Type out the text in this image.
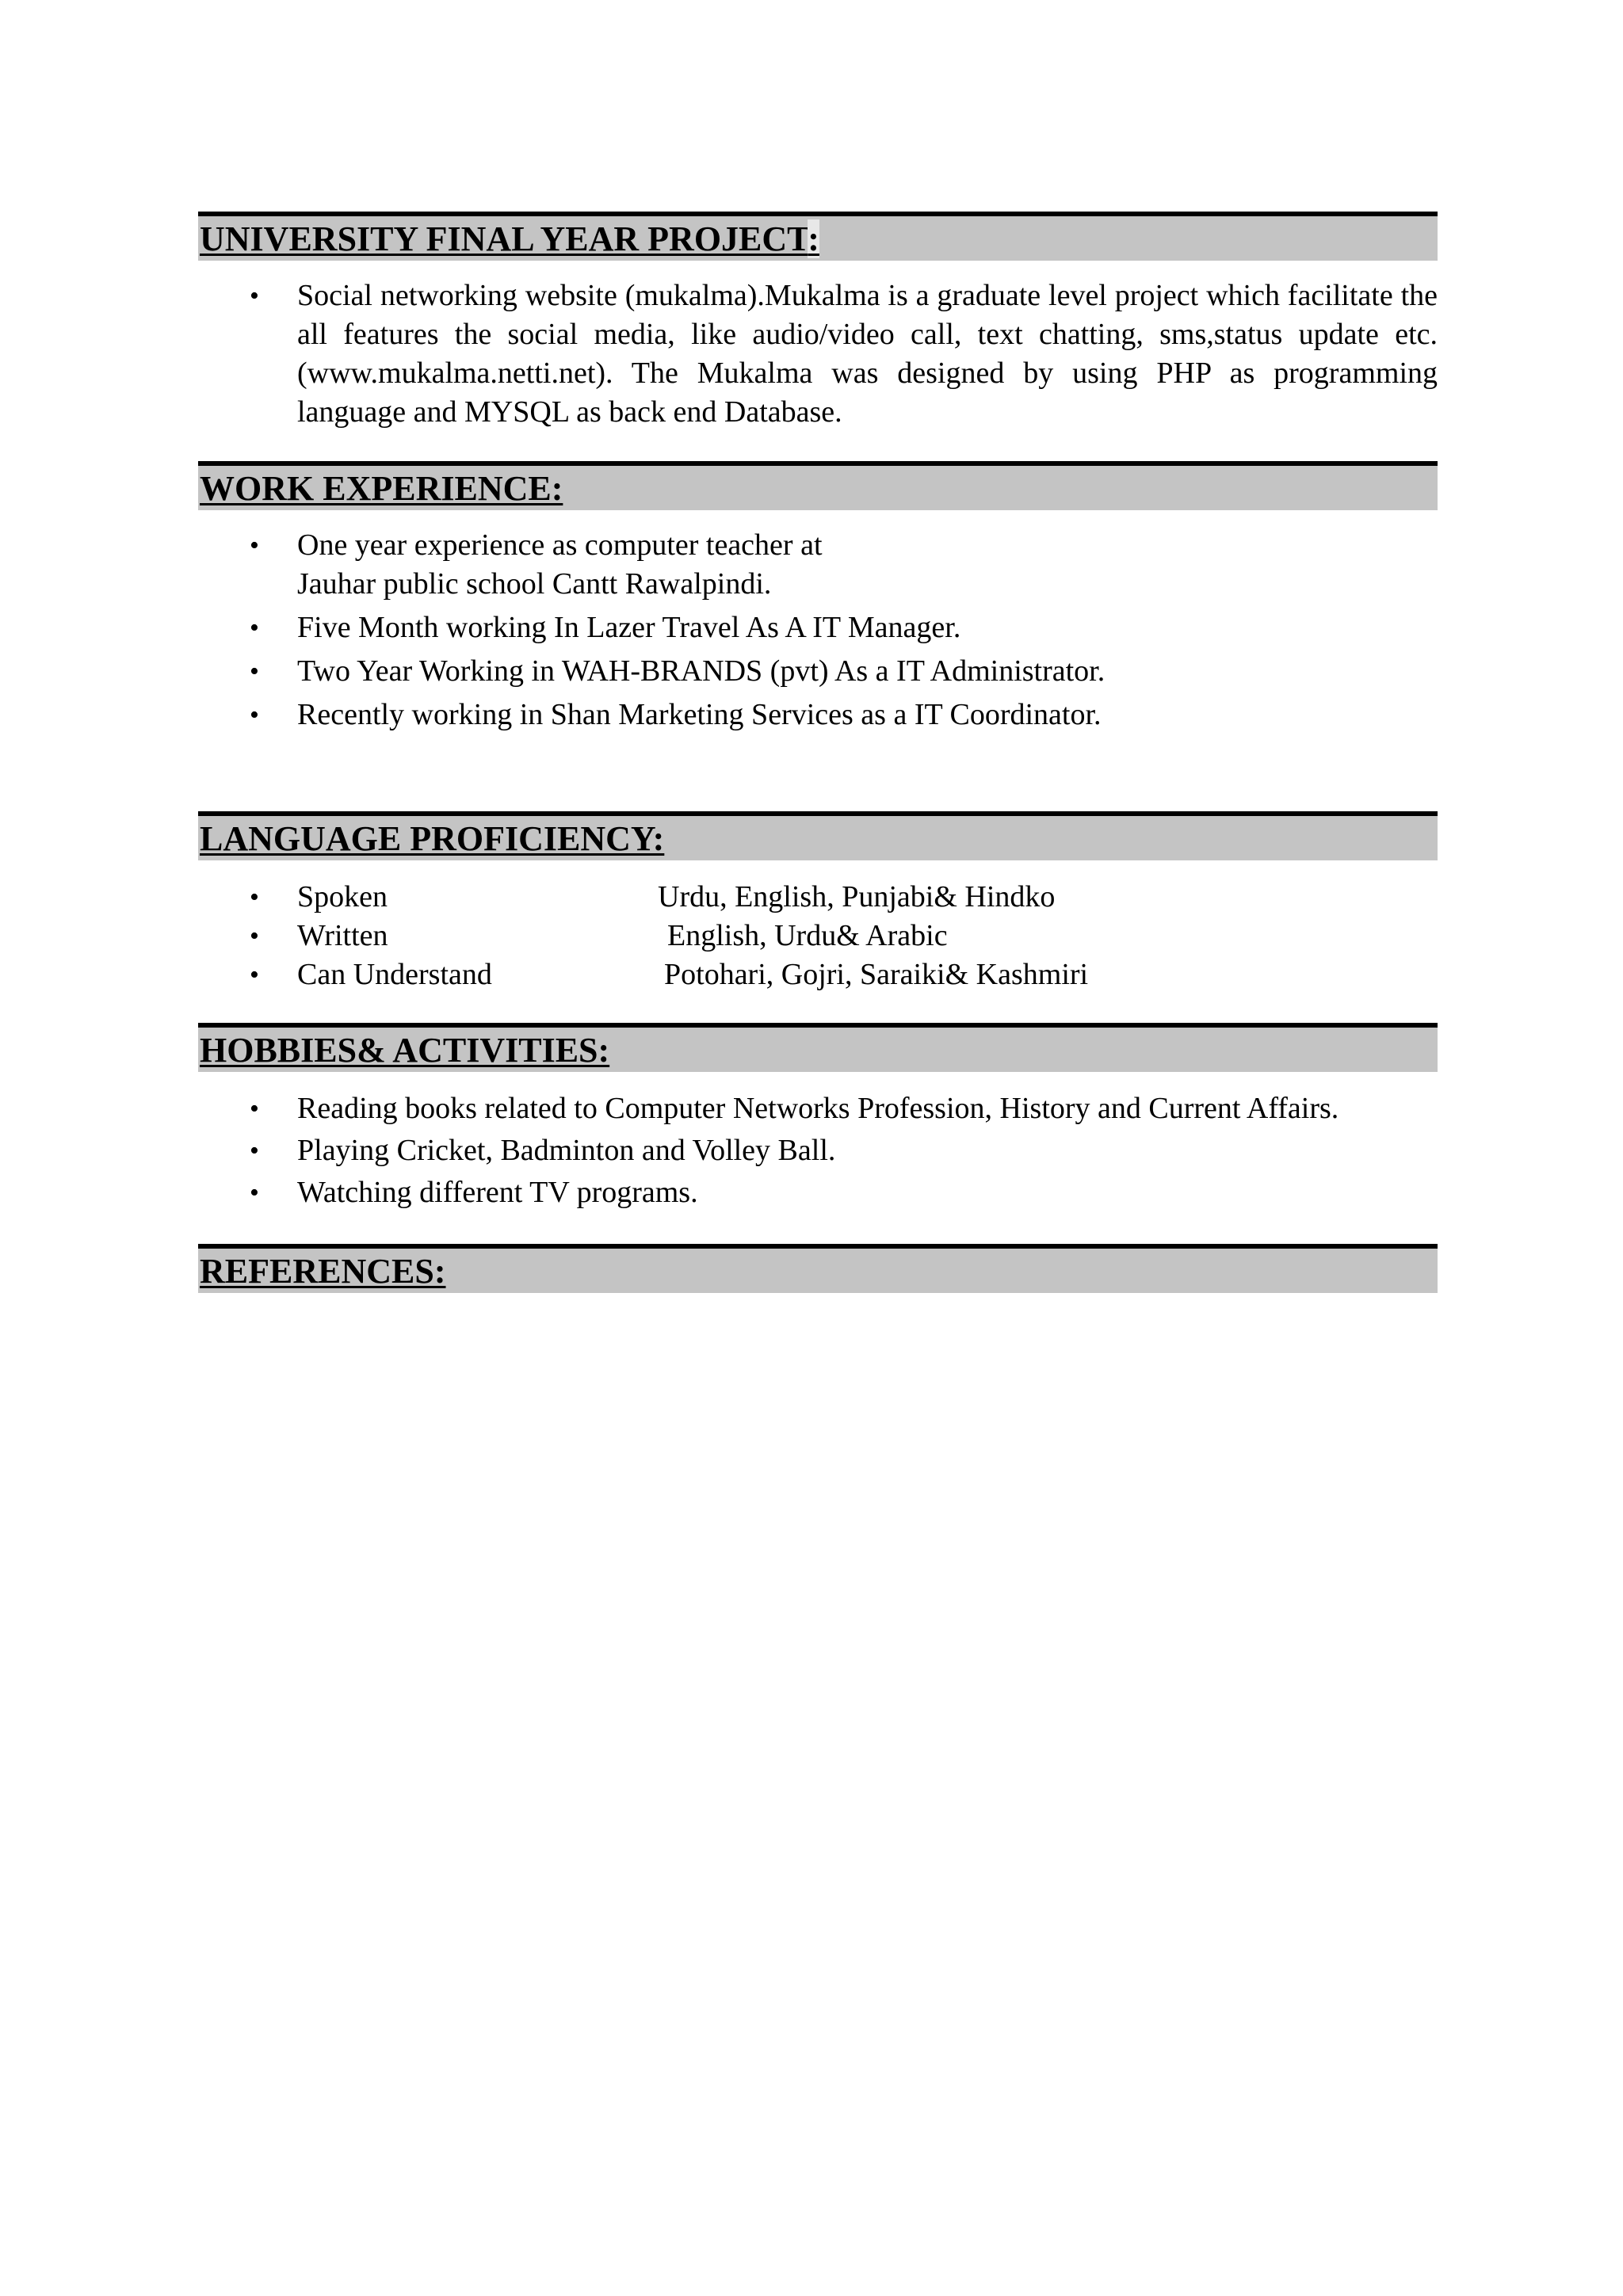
UNIVERSITY FINAL YEAR PROJECT:
• Social networking website (mukalma).Mukalma is a graduate level project which facilitate the all features the social media, like audio/video call, text chatting, sms,status update etc.(www.mukalma.netti.net). The Mukalma was designed by using PHP as programming language and MYSQL as back end Database.
WORK EXPERIENCE:
• One year experience as computer teacher at
Jauhar public school Cantt Rawalpindi.
• Five Month working In Lazer Travel As A IT Manager.
• Two Year Working in WAH-BRANDS (pvt) As a IT Administrator.
• Recently working in Shan Marketing Services as a IT Coordinator.
LANGUAGE PROFICIENCY:
• Spoken	Urdu, English, Punjabi& Hindko
• Written	English, Urdu& Arabic
• Can Understand	Potohari, Gojri, Saraiki& Kashmiri
HOBBIES& ACTIVITIES:
• Reading books related to Computer Networks Profession, History and Current Affairs.
• Playing Cricket, Badminton and Volley Ball.
• Watching different TV programs.
REFERENCES:
